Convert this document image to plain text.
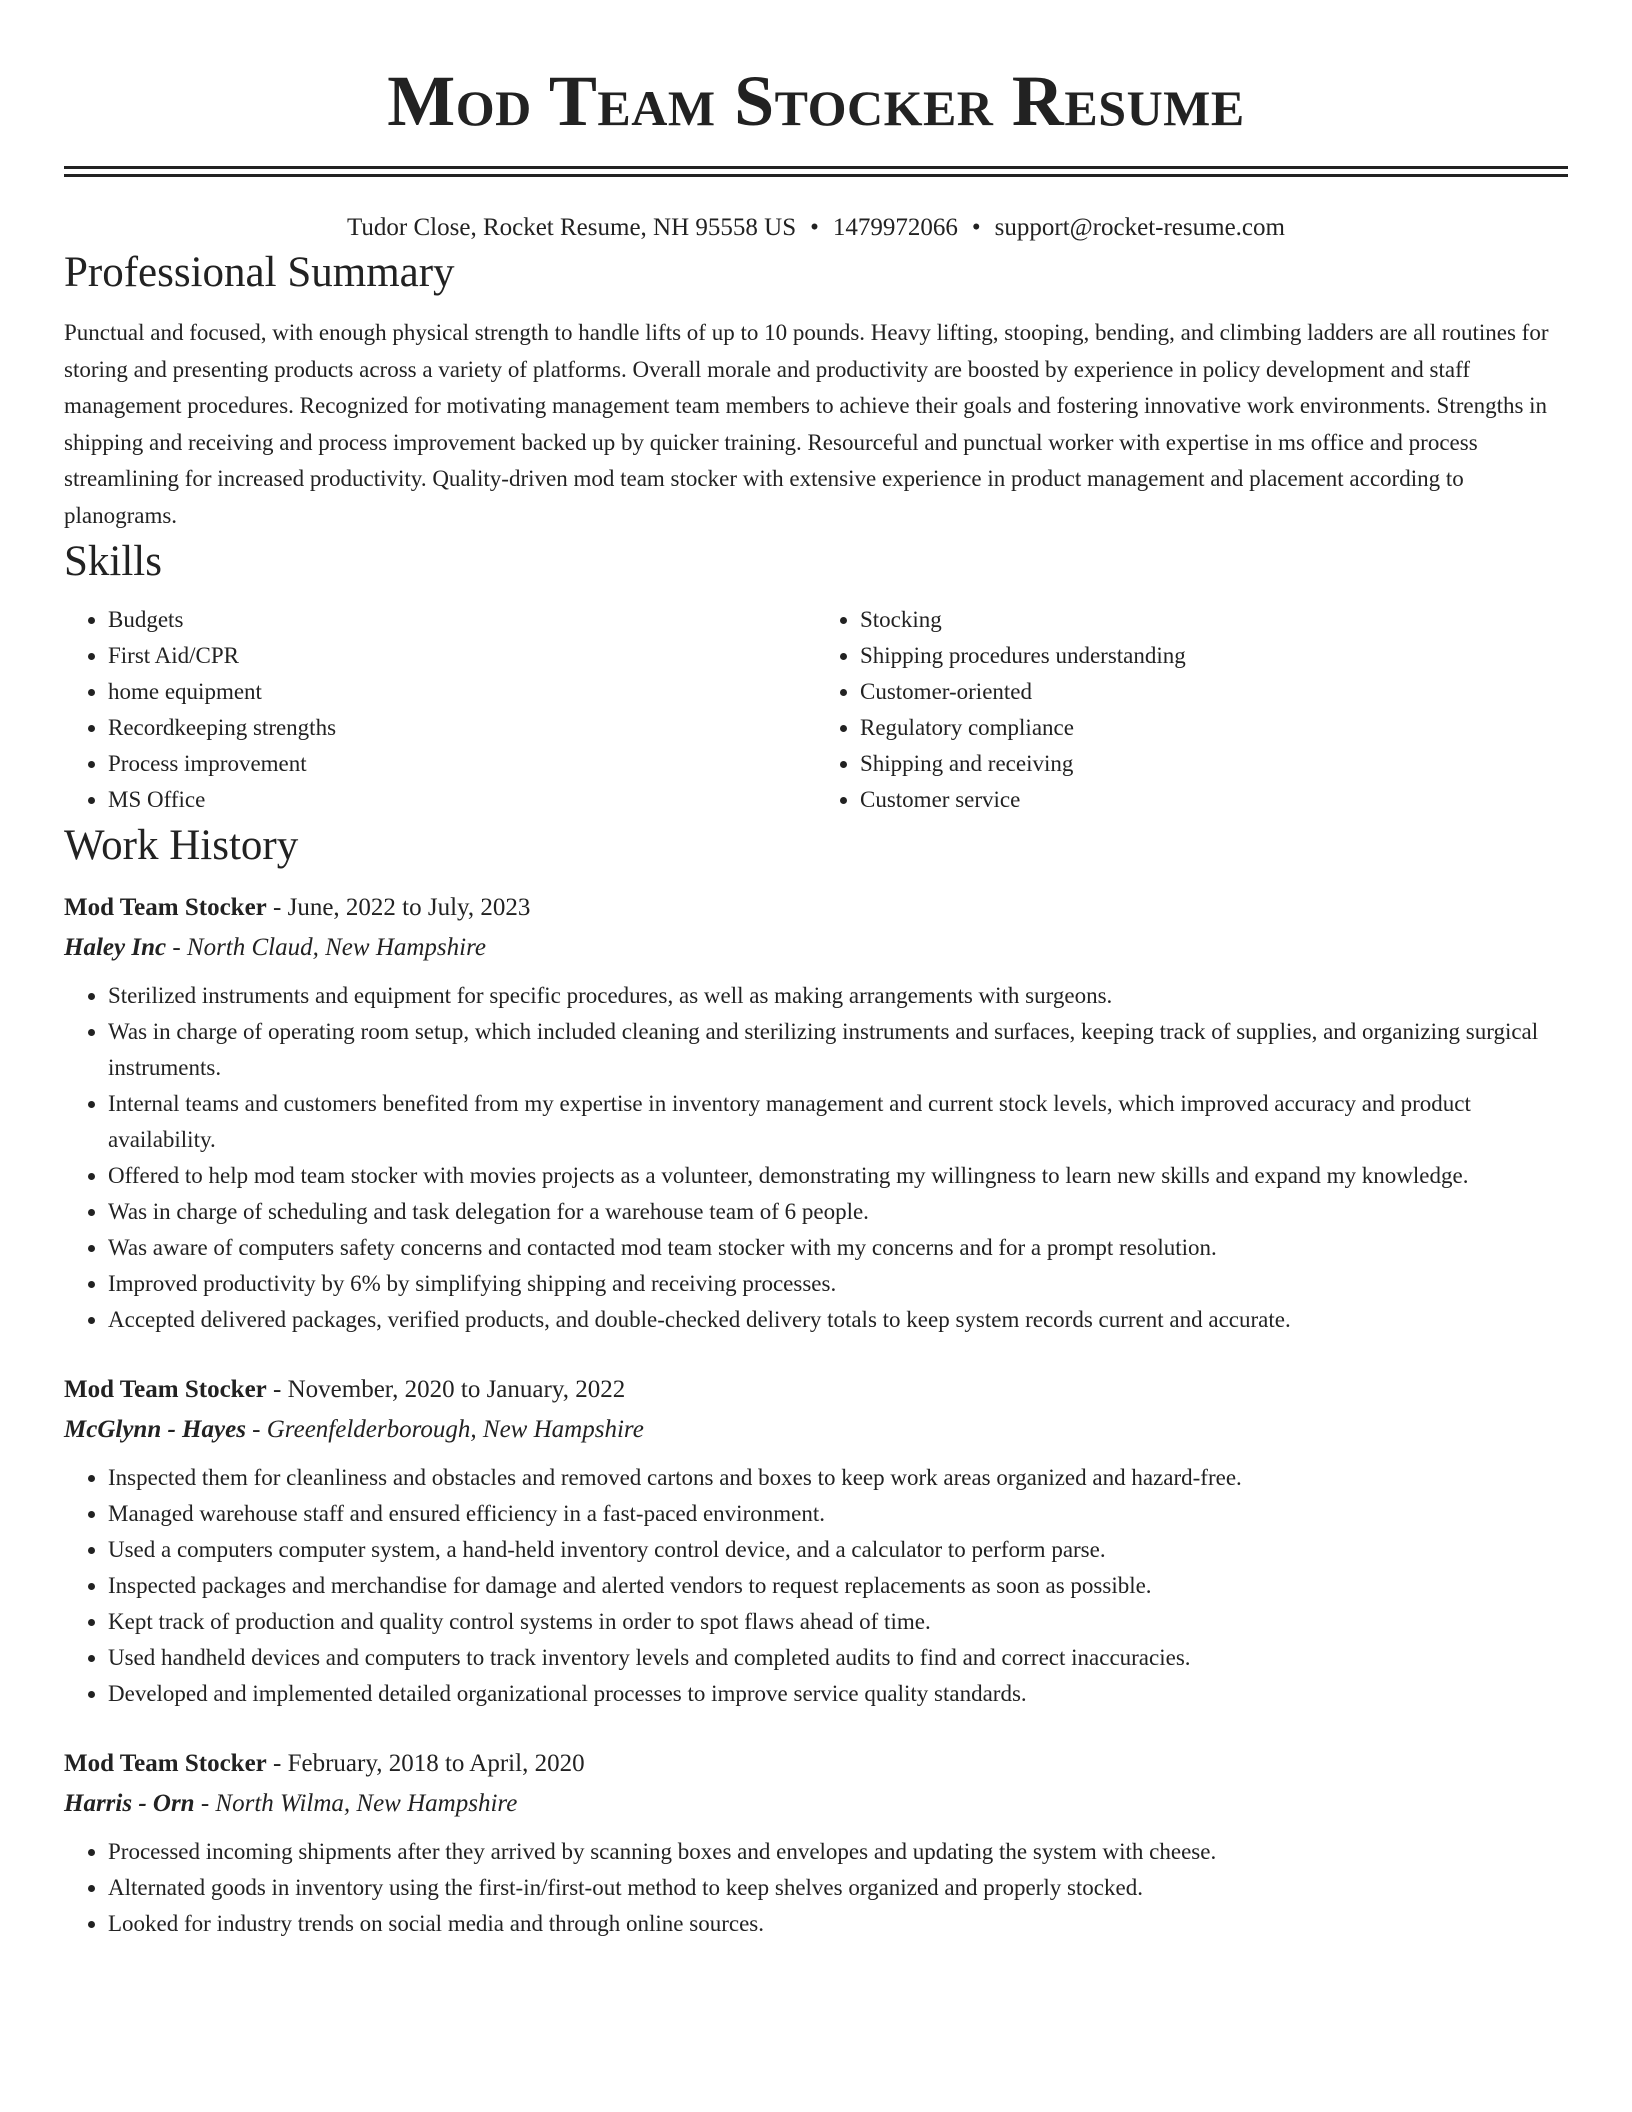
Mod Team Stocker Resume
Tudor Close, Rocket Resume, NH 95558 US • 1479972066 • support@rocket-resume.com
Professional Summary

Punctual and focused, with enough physical strength to handle lifts of up to 10 pounds. Heavy lifting, stooping, bending, and climbing ladders are all routines for storing and presenting products across a variety of platforms. Overall morale and productivity are boosted by experience in policy development and staff management procedures. Recognized for motivating management team members to achieve their goals and fostering innovative work environments. Strengths in shipping and receiving and process improvement backed up by quicker training. Resourceful and punctual worker with expertise in ms office and process streamlining for increased productivity. Quality-driven mod team stocker with extensive experience in product management and placement according to planograms.

Skills
• Budgets
• First Aid/CPR
• home equipment
• Recordkeeping strengths
• Process improvement
• MS Office
• Stocking
• Shipping procedures understanding
• Customer-oriented
• Regulatory compliance
• Shipping and receiving
• Customer service
Work History
Mod Team Stocker - June, 2022 to July, 2023
Haley Inc - North Claud, New Hampshire
• Sterilized instruments and equipment for specific procedures, as well as making arrangements with surgeons.
• Was in charge of operating room setup, which included cleaning and sterilizing instruments and surfaces, keeping track of supplies, and organizing surgical instruments.
• Internal teams and customers benefited from my expertise in inventory management and current stock levels, which improved accuracy and product availability.
• Offered to help mod team stocker with movies projects as a volunteer, demonstrating my willingness to learn new skills and expand my knowledge.
• Was in charge of scheduling and task delegation for a warehouse team of 6 people.
• Was aware of computers safety concerns and contacted mod team stocker with my concerns and for a prompt resolution.
• Improved productivity by 6% by simplifying shipping and receiving processes.
• Accepted delivered packages, verified products, and double-checked delivery totals to keep system records current and accurate.
Mod Team Stocker - November, 2020 to January, 2022
McGlynn - Hayes - Greenfelderborough, New Hampshire
• Inspected them for cleanliness and obstacles and removed cartons and boxes to keep work areas organized and hazard-free.
• Managed warehouse staff and ensured efficiency in a fast-paced environment.
• Used a computers computer system, a hand-held inventory control device, and a calculator to perform parse.
• Inspected packages and merchandise for damage and alerted vendors to request replacements as soon as possible.
• Kept track of production and quality control systems in order to spot flaws ahead of time.
• Used handheld devices and computers to track inventory levels and completed audits to find and correct inaccuracies.
• Developed and implemented detailed organizational processes to improve service quality standards.
Mod Team Stocker - February, 2018 to April, 2020
Harris - Orn - North Wilma, New Hampshire
• Processed incoming shipments after they arrived by scanning boxes and envelopes and updating the system with cheese.
• Alternated goods in inventory using the first-in/first-out method to keep shelves organized and properly stocked.
• Looked for industry trends on social media and through online sources.
